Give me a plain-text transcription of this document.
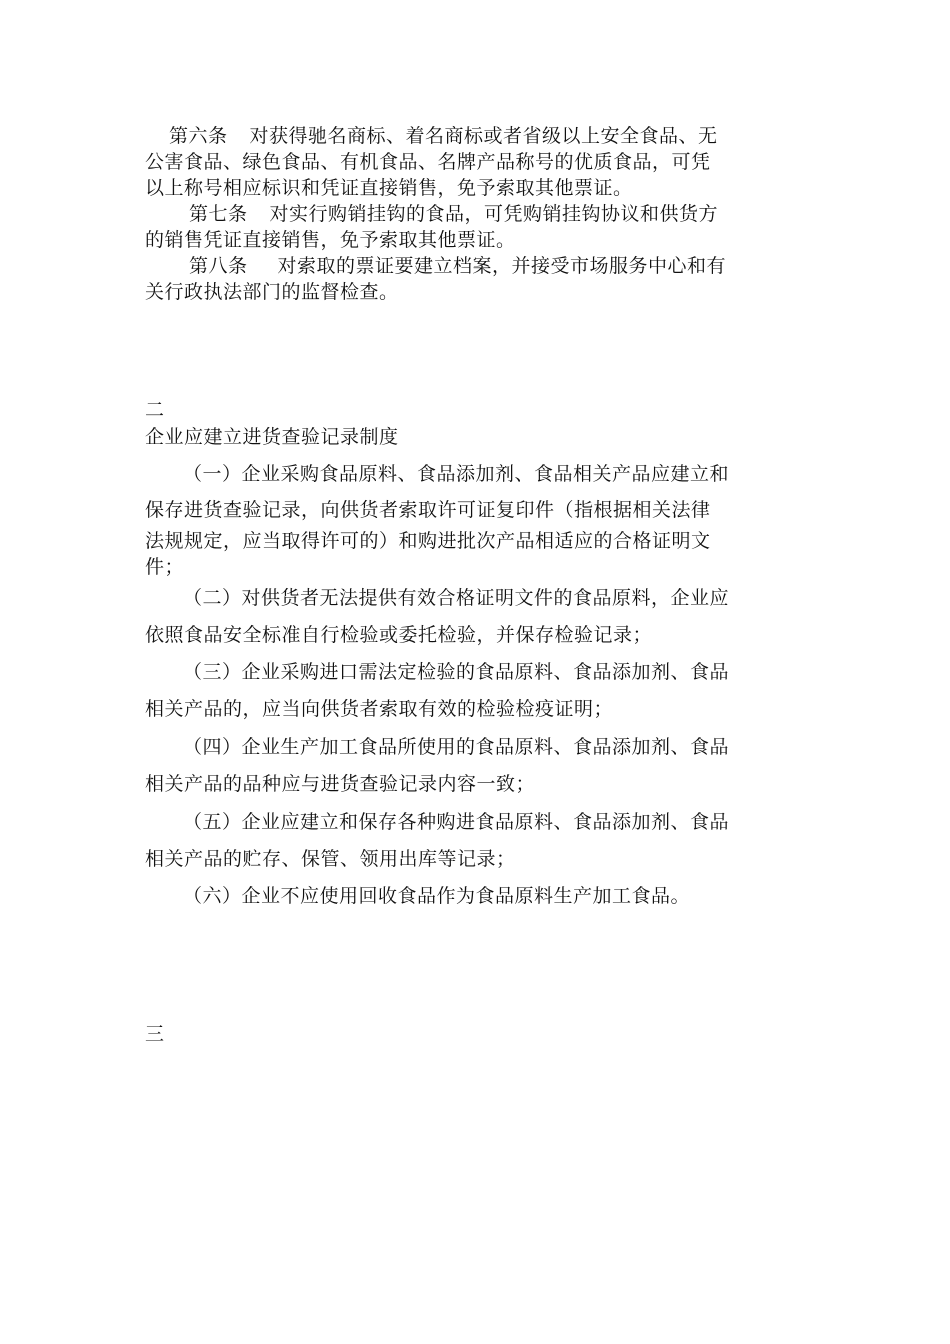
第六条 对获得驰名商标、着名商标或者省级以上安全食品、无
公害食品、绿色食品、有机食品、名牌产品称号的优质食品，可凭
以上称号相应标识和凭证直接销售，免予索取其他票证。

第七条 对实行购销挂钩的食品，可凭购销挂钩协议和供货方
的销售凭证直接销售，免予索取其他票证。

第八条 对索取的票证要建立档案，并接受市场服务中心和有
关行政执法部门的监督检查。

二
企业应建立进货查验记录制度

（一）企业采购食品原料、食品添加剂、食品相关产品应建立和
保存进货查验记录，向供货者索取许可证复印件（指根据相关法律
法规规定，应当取得许可的）和购进批次产品相适应的合格证明文
件；

（二）对供货者无法提供有效合格证明文件的食品原料，企业应
依照食品安全标准自行检验或委托检验，并保存检验记录；

（三）企业采购进口需法定检验的食品原料、食品添加剂、食品
相关产品的，应当向供货者索取有效的检验检疫证明；

（四）企业生产加工食品所使用的食品原料、食品添加剂、食品
相关产品的品种应与进货查验记录内容一致；

（五）企业应建立和保存各种购进食品原料、食品添加剂、食品
相关产品的贮存、保管、领用出库等记录；

（六）企业不应使用回收食品作为食品原料生产加工食品。

三
